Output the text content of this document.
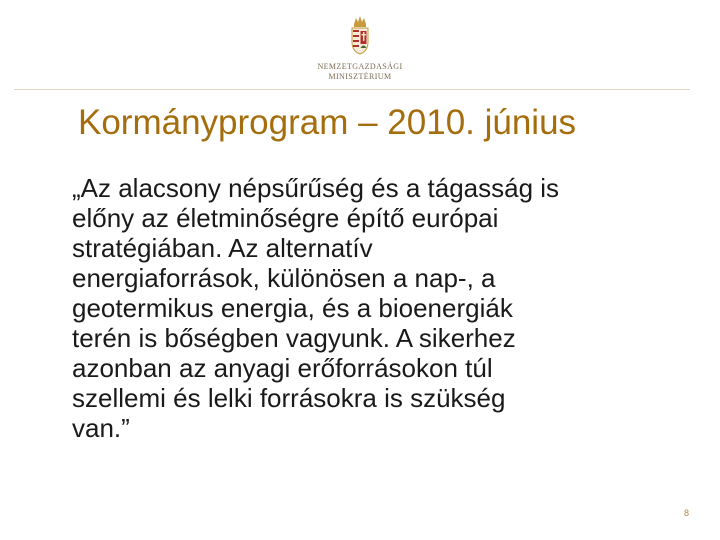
NEMZETGAZDASÁGI MINISZTÉRIUM
Kormányprogram – 2010. június

„Az alacsony népsűrűség és a tágasság is
előny az életminőségre építő európai
stratégiában. Az alternatív
energiaforrások, különösen a nap-, a
geotermikus energia, és a bioenergiák
terén is bőségben vagyunk. A sikerhez
azonban az anyagi erőforrásokon túl
szellemi és lelki forrásokra is szükség
van.”

8
